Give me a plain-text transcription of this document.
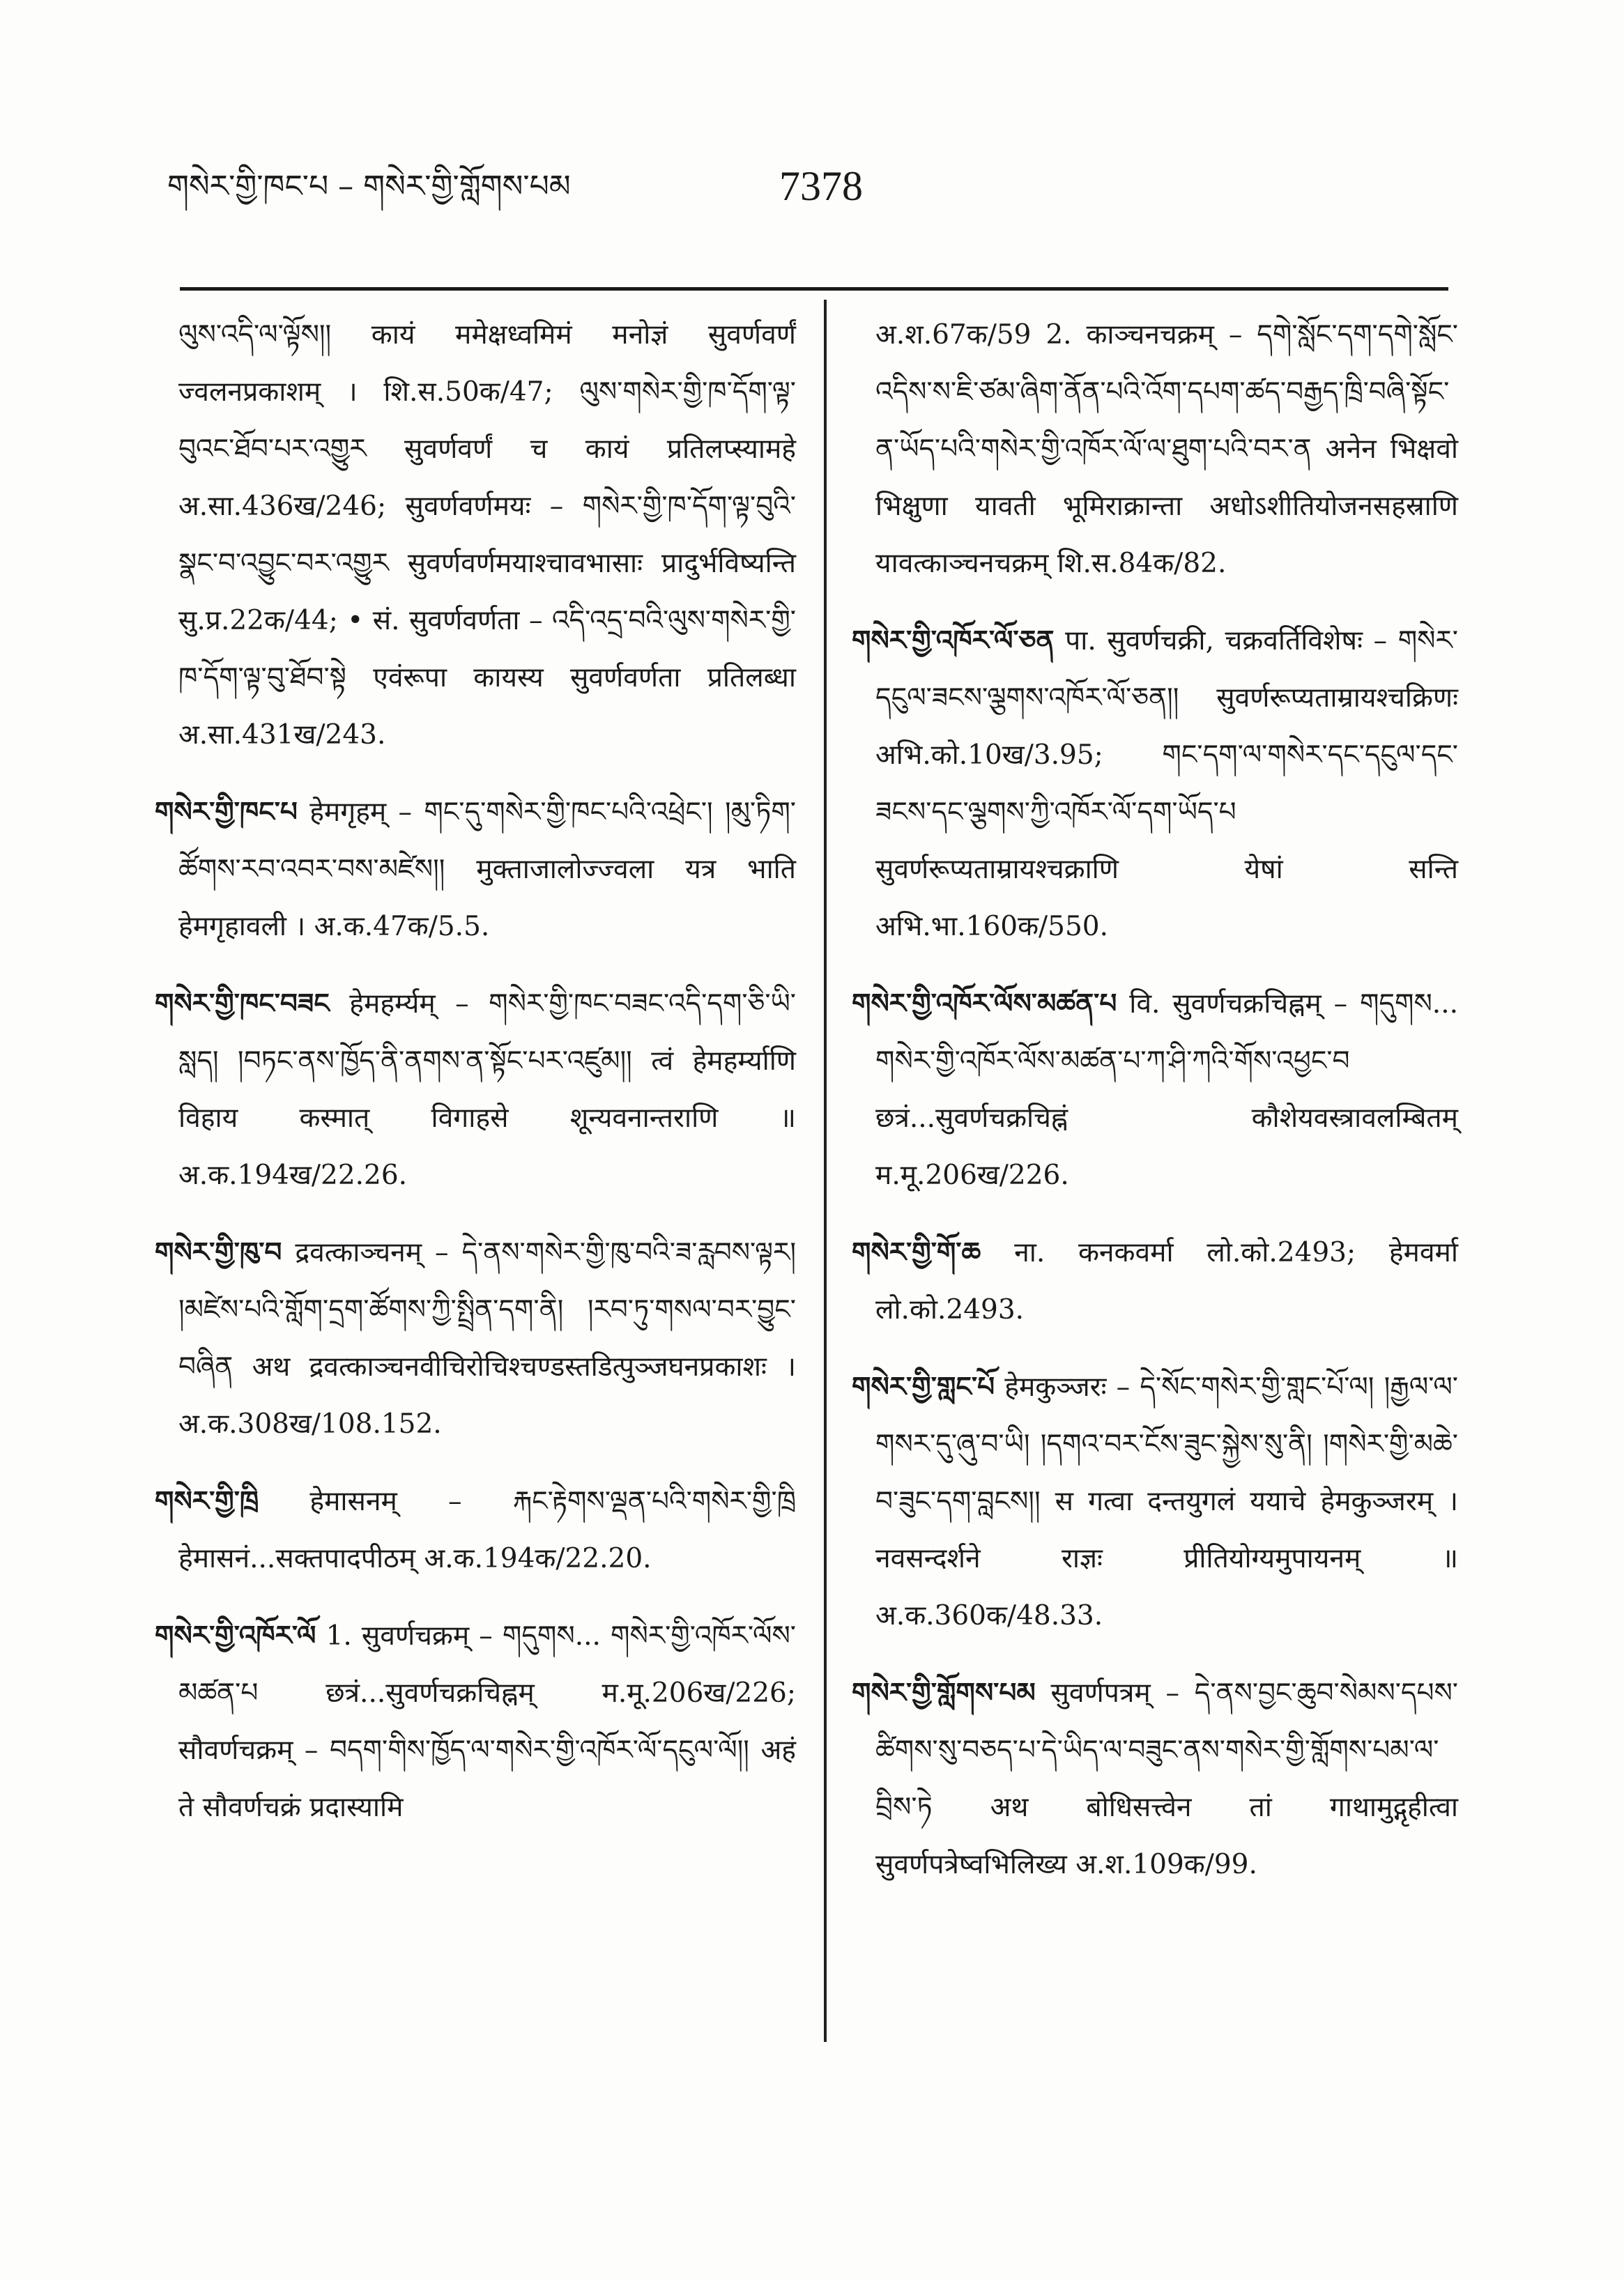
གསེར་གྱི་ཁང་པ – གསེར་གྱི་གློགས་པམ	7378

ལུས་འདི་ལ་ལྟོས།། कायं ममेक्षध्वमिमं मनोज्ञं सुवर्णवर्णं ज्वलनप्रकाशम् । शि.स.50क/47; ལུས་གསེར་གྱི་ཁ་དོག་ལྟ་བུའང་ཐོབ་པར་འགྱུར सुवर्णवर्णं च कायं प्रतिलप्स्यामहे अ.सा.436ख/246; सुवर्णवर्णमयः – གསེར་གྱི་ཁ་དོག་ལྟ་བུའི་སྣང་བ་འབྱུང་བར་འགྱུར सुवर्णवर्णमयाश्चावभासाः प्रादुर्भविष्यन्ति सु.प्र.22क/44; • सं. सुवर्णवर्णता – འདི་འདྲ་བའི་ལུས་གསེར་གྱི་ཁ་དོག་ལྟ་བུ་ཐོབ་སྟེ एवंरूपा कायस्य सुवर्णवर्णता प्रतिलब्धा अ.सा.431ख/243.

གསེར་གྱི་ཁང་པ हेमगृहम् – གང་དུ་གསེར་གྱི་ཁང་པའི་འཕྲེང་། །མུ་ཏིག་ཚོགས་རབ་འབར་བས་མཛེས།། मुक्ताजालोज्ज्वला यत्र भाति हेमगृहावली । अ.क.47क/5.5.

གསེར་གྱི་ཁང་བཟང हेमहर्म्यम् – གསེར་གྱི་ཁང་བཟང་འདི་དག་ཅི་ཡི་སླད། །བཏང་ནས་ཁྱོད་ནི་ནགས་ན་སྟོང་པར་འཛུམ།། त्वं हेमहर्म्याणि विहाय कस्मात् विगाहसे शून्यवनान्तराणि ॥ अ.क.194ख/22.26.

གསེར་གྱི་ཁུ་བ द्रवत्काञ्चनम् – དེ་ནས་གསེར་གྱི་ཁུ་བའི་ཟ་རླབས་ལྟར། །མཛེས་པའི་གློག་དྲག་ཚོགས་ཀྱི་སྤྲིན་དག་ནི། །རབ་ཏུ་གསལ་བར་བྱུང་བཞིན अथ द्रवत्काञ्चनवीचिरोचिश्चण्डस्तडित्पुञ्जघनप्रकाशः । अ.क.308ख/108.152.

གསེར་གྱི་ཁྲི हेमासनम् – རྐང་རྟེགས་ལྡན་པའི་གསེར་གྱི་ཁྲི हेमासनं...सक्तपादपीठम् अ.क.194क/22.20.

གསེར་གྱི་འཁོར་ལོ 1. सुवर्णचक्रम् – གདུགས... གསེར་གྱི་འཁོར་ལོས་མཚན་པ छत्रं...सुवर्णचक्रचिह्नम् म.मू.206ख/226; सौवर्णचक्रम् – བདག་གིས་ཁྱོད་ལ་གསེར་གྱི་འཁོར་ལོ་དངུལ་ལོ།། अहं ते सौवर्णचक्रं प्रदास्यामि

अ.श.67क/59 2. काञ्चनचक्रम् – དགེ་སློང་དག་དགེ་སློང་འདིས་ས་ཇི་ཙམ་ཞིག་ནོན་པའི་འོག་དཔག་ཚད་བརྒྱད་ཁྲི་བཞི་སྟོང་ན་ཡོད་པའི་གསེར་གྱི་འཁོར་ལོ་ལ་ཐུག་པའི་བར་ན अनेन भिक्षवो भिक्षुणा यावती भूमिराक्रान्ता अधोऽशीतियोजनसहस्राणि यावत्काञ्चनचक्रम् शि.स.84क/82.

གསེར་གྱི་འཁོར་ལོ་ཅན पा. सुवर्णचक्री, चक्रवर्तिविशेषः – གསེར་དངུལ་ཟངས་ལྕགས་འཁོར་ལོ་ཅན།། सुवर्णरूप्यताम्रायश्चक्रिणः अभि.को.10ख/3.95; གང་དག་ལ་གསེར་དང་དངུལ་དང་ཟངས་དང་ལྕགས་ཀྱི་འཁོར་ལོ་དག་ཡོད་པ सुवर्णरूप्यताम्रायश्चक्राणि येषां सन्ति अभि.भा.160क/550.

གསེར་གྱི་འཁོར་ལོས་མཚན་པ वि. सुवर्णचक्रचिह्नम् – གདུགས... གསེར་གྱི་འཁོར་ལོས་མཚན་པ་ཀ་ཤི་ཀའི་གོས་འཕྱང་བ छत्रं...सुवर्णचक्रचिह्नं कौशेयवस्त्रावलम्बितम् म.मू.206ख/226.

གསེར་གྱི་གོ་ཆ ना. कनकवर्मा लो.को.2493; हेमवर्मा लो.को.2493.

གསེར་གྱི་གླང་པོ हेमकुञ्जरः – དེ་སོང་གསེར་གྱི་གླང་པོ་ལ། །རྒྱལ་ལ་གསར་དུ་ཞུ་བ་ཡི། །དགའ་བར་ངོས་ཟུང་སྐྱེས་སུ་ནི། །གསེར་གྱི་མཆེ་བ་ཟུང་དག་བླངས།། स गत्वा दन्तयुगलं ययाचे हेमकुञ्जरम् । नवसन्दर्शने राज्ञः प्रीतियोग्यमुपायनम् ॥ अ.क.360क/48.33.

གསེར་གྱི་གློགས་པམ सुवर्णपत्रम् – དེ་ནས་བྱང་ཆུབ་སེམས་དཔས་ཚིགས་སུ་བཅད་པ་དེ་ཡིད་ལ་བཟུང་ནས་གསེར་གྱི་གློགས་པམ་ལ་བྲིས་ཏེ अथ बोधिसत्त्वेन तां गाथामुद्गृहीत्वा सुवर्णपत्रेष्वभिलिख्य अ.श.109क/99.
